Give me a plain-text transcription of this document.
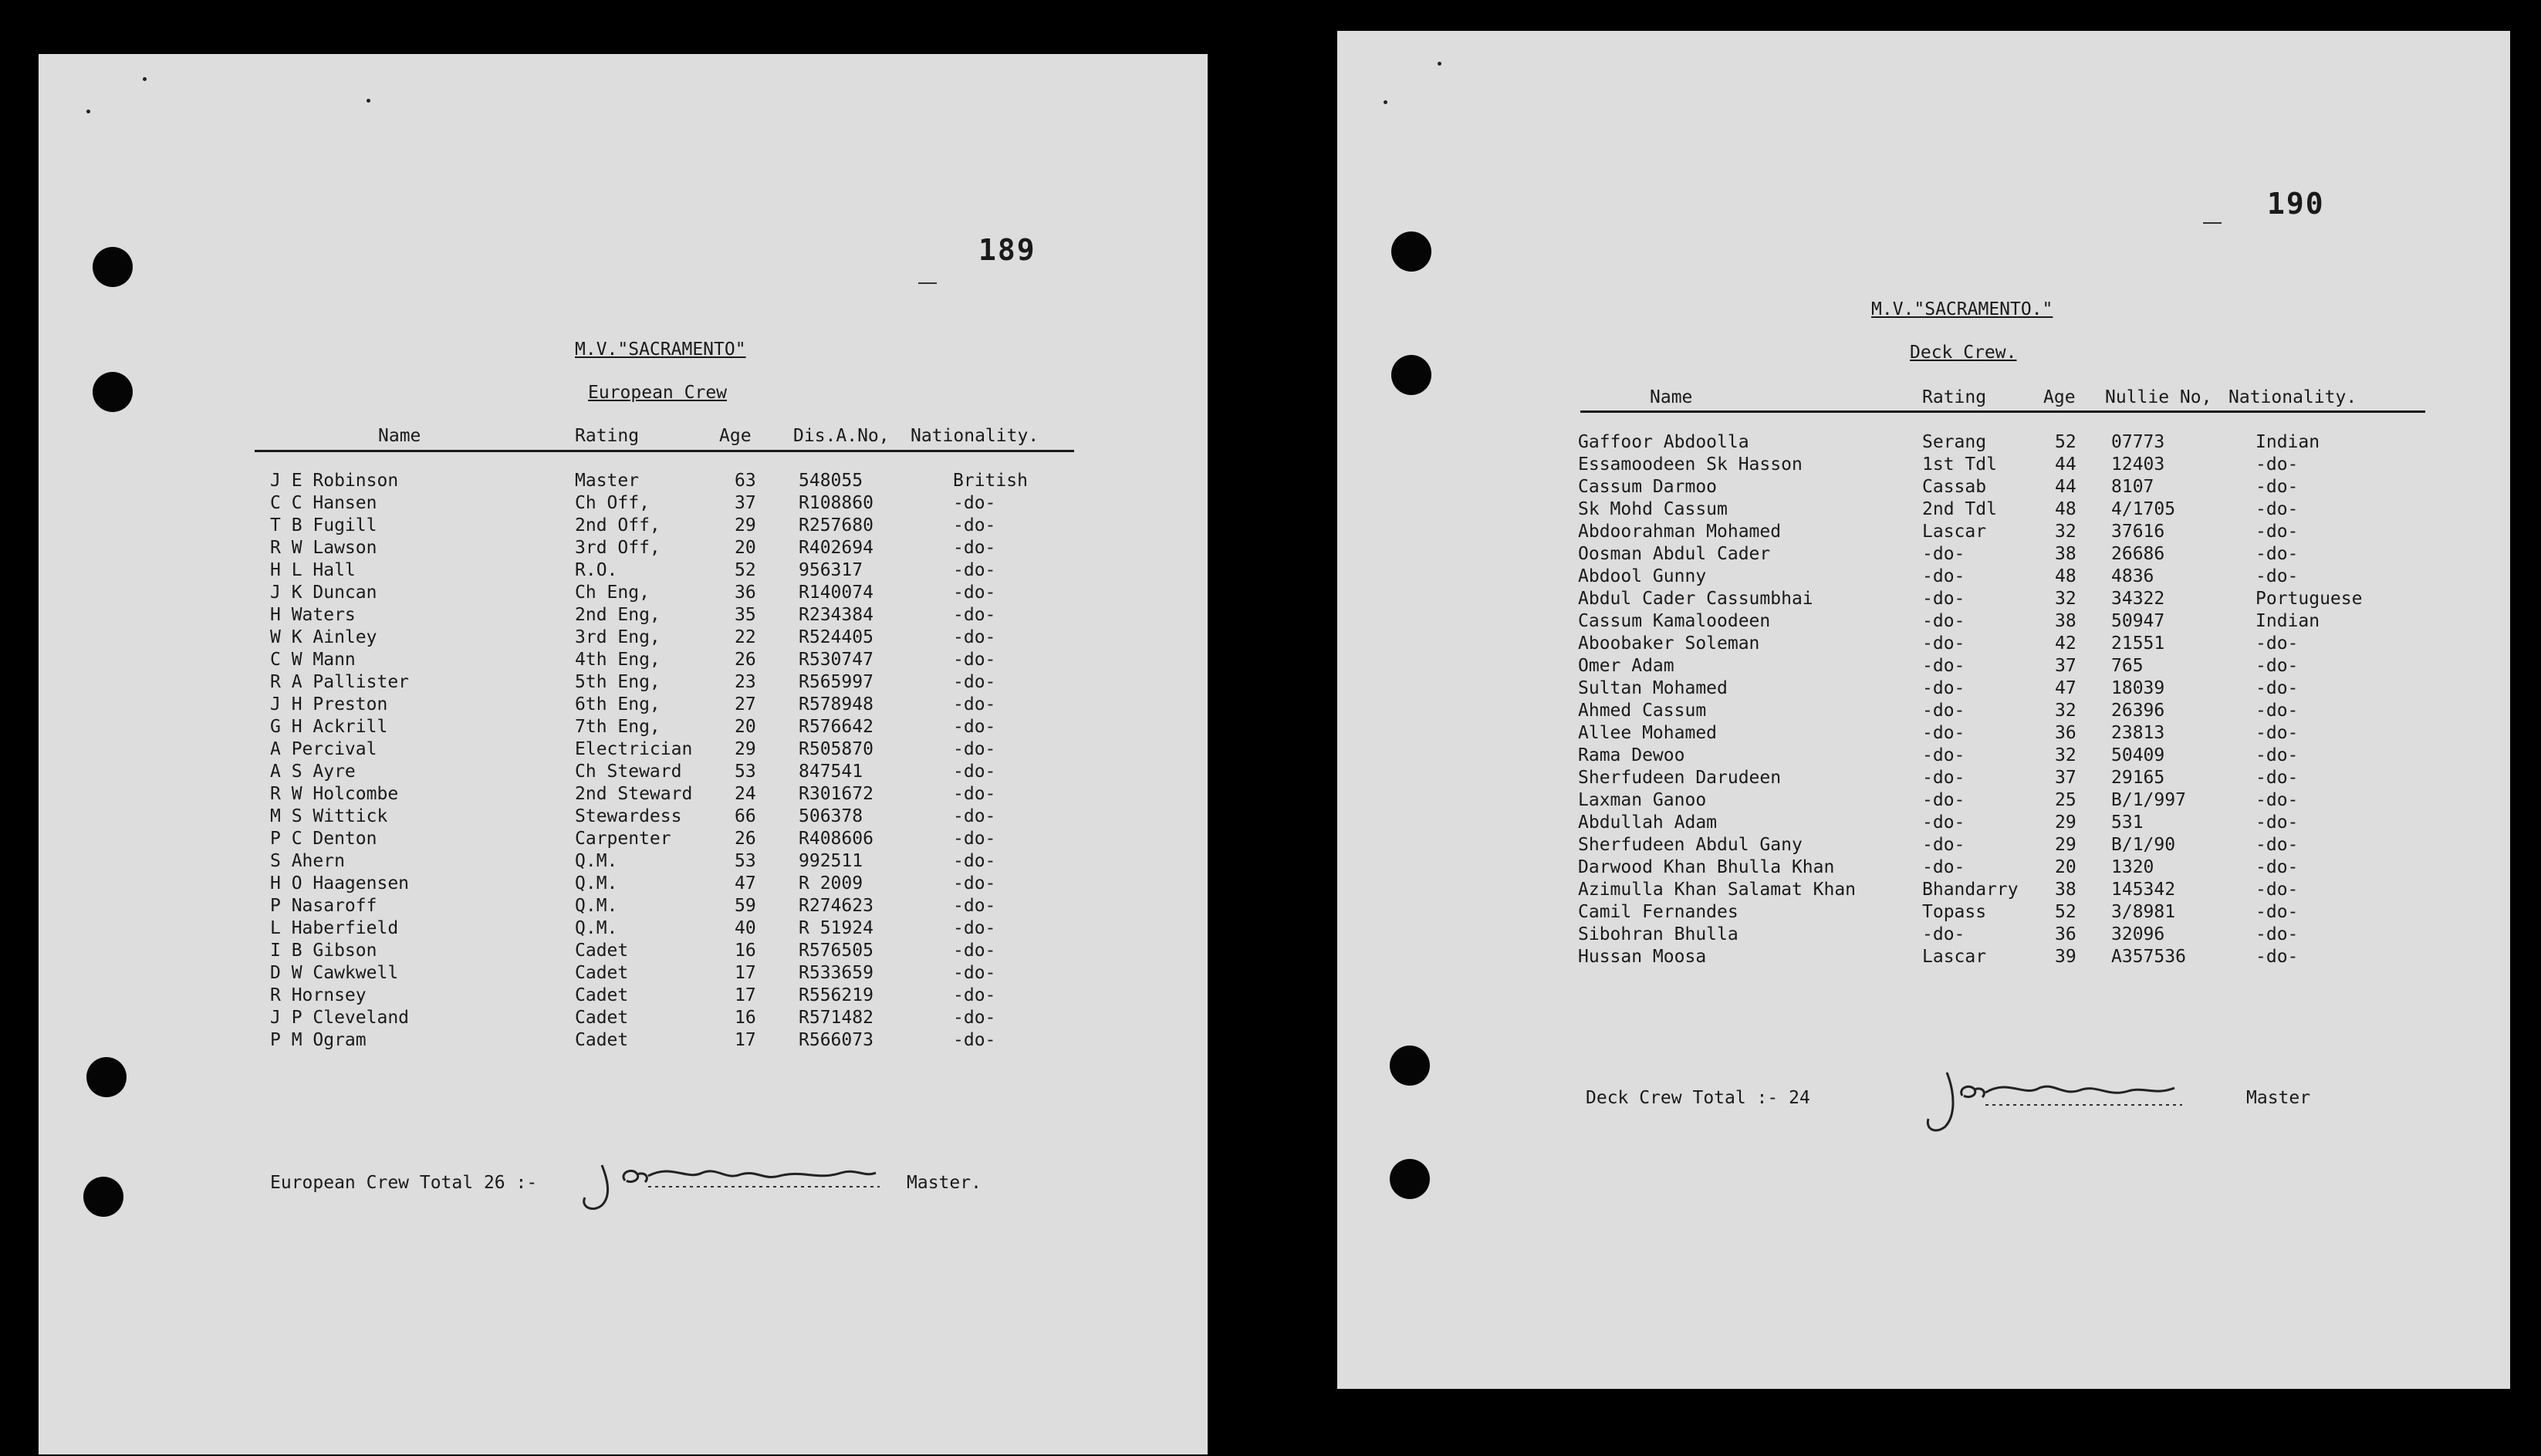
189
M.V."SACRAMENTO"
European Crew
Name	Rating	Age Dis.A.No, Nationality.
J E Robinson	Master	63 548055	British
C C Hansen	Ch Off,	37 R108860	-do-
T B Fugill	2nd Off,	29 R257680	-do-
R W Lawson	3rd Off,	20 R402694	-do-
H L Hall	R.O.	52 956317	-do-
J K Duncan	Ch Eng,	36 R140074	-do-
H Waters	2nd Eng,	35 R234384	-do-
W K Ainley	3rd Eng,	22 R524405	-do-
C W Mann	4th Eng,	26 R530747	-do-
R A Pallister	5th Eng,	23 R565997	-do-
J H Preston	6th Eng,	27 R578948	-do-
G H Ackrill	7th Eng,	20 R576642	-do-
A Percival	Electrician 29 R505870	-do-
A S Ayre	Ch Steward	53 847541	-do-
R W Holcombe	2nd Steward 24 R301672	-do-
M S Wittick	Stewardess	66 506378	-do-
P C Denton	Carpenter	26 R408606	-do-
S Ahern	Q.M.	53 992511	-do-
H O Haagensen	Q.M.	47 R 2009	-do-
P Nasaroff	Q.M.	59 R274623	-do-
L Haberfield	Q.M.	40 R 51924	-do-
I B Gibson	Cadet	16 R576505	-do-
D W Cawkwell	Cadet	17 R533659	-do-
R Hornsey	Cadet	17 R556219	-do-
J P Cleveland	Cadet	16 R571482	-do-
P M Ogram	Cadet	17 R566073	-do-
European Crew Total 26 :-	Master.
190
M.V."SACRAMENTO."
Deck Crew.
Name	Rating	Age Nullie No, Nationality.
Gaffoor Abdoolla	Serang	52 07773	Indian
Essamoodeen Sk Hasson	1st Tdl	44 12403	-do-
Cassum Darmoo	Cassab	44 8107	-do-
Sk Mohd Cassum	2nd Tdl	48 4/1705	-do-
Abdoorahman Mohamed	Lascar	32 37616	-do-
Oosman Abdul Cader	-do-	38 26686	-do-
Abdool Gunny	-do-	48 4836	-do-
Abdul Cader Cassumbhai	-do-	32 34322	Portuguese
Cassum Kamaloodeen	-do-	38 50947	Indian
Aboobaker Soleman	-do-	42 21551	-do-
Omer Adam	-do-	37 765	-do-
Sultan Mohamed	-do-	47 18039	-do-
Ahmed Cassum	-do-	32 26396	-do-
Allee Mohamed	-do-	36 23813	-do-
Rama Dewoo	-do-	32 50409	-do-
Sherfudeen Darudeen	-do-	37 29165	-do-
Laxman Ganoo	-do-	25 B/1/997	-do-
Abdullah Adam	-do-	29 531	-do-
Sherfudeen Abdul Gany	-do-	29 B/1/90	-do-
Darwood Khan Bhulla Khan	-do-	20 1320	-do-
Azimulla Khan Salamat Khan	Bhandarry 38 145342	-do-
Camil Fernandes	Topass	52 3/8981	-do-
Sibohran Bhulla	-do-	36 32096	-do-
Hussan Moosa	Lascar	39 A357536	-do-
Deck Crew Total :- 24	Master
